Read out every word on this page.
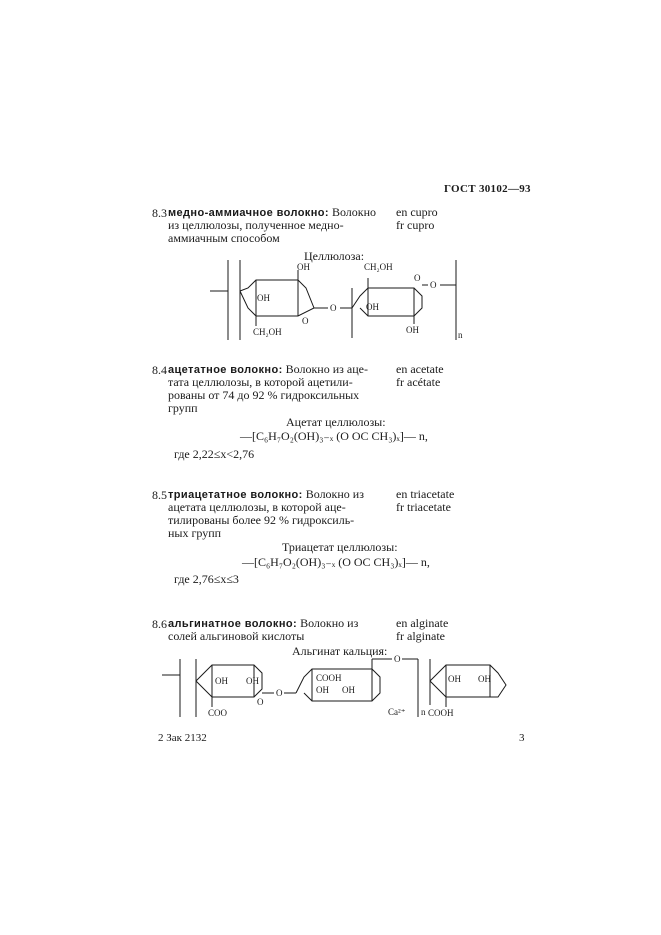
ГОСТ 30102—93
8.3 медно-аммиачное волокно: Волокно
из целлюлозы, полученное медно-
аммиачным способом
en cupro
fr cupro
Целлюлоза:
OH
OH
CH₂OH
O
O
CH₂OH
OH
OH
O
O
n
8.4 ацетатное волокно: Волокно из аце-
тата целлюлозы, в которой ацетили-
рованы от 74 до 92 % гидроксильных
групп
en acetate
fr acétate
Ацетат целлюлозы:
—[C₆H₇O₂(OH)₃₋ₓ (O OC CH₃)ₓ]— n,
где 2,22≤x<2,76
8.5 триацетатное волокно: Волокно из
ацетата целлюлозы, в которой аце-
тилированы более 92 % гидроксиль-
ных групп
en triacetate
fr triacetate
Триацетат целлюлозы:
—[C₆H₇O₂(OH)₃₋ₓ (O OC CH₃)ₓ]— n,
где 2,76≤x≤3
8.6 альгинатное волокно: Волокно из
солей альгиновой кислоты
en alginate
fr alginate
Альгинат кальция:
OH OH
COO
O
O
COOH
OH OH
O
Ca²⁺ n COOH
OH OH
2 Зак 2132	3
